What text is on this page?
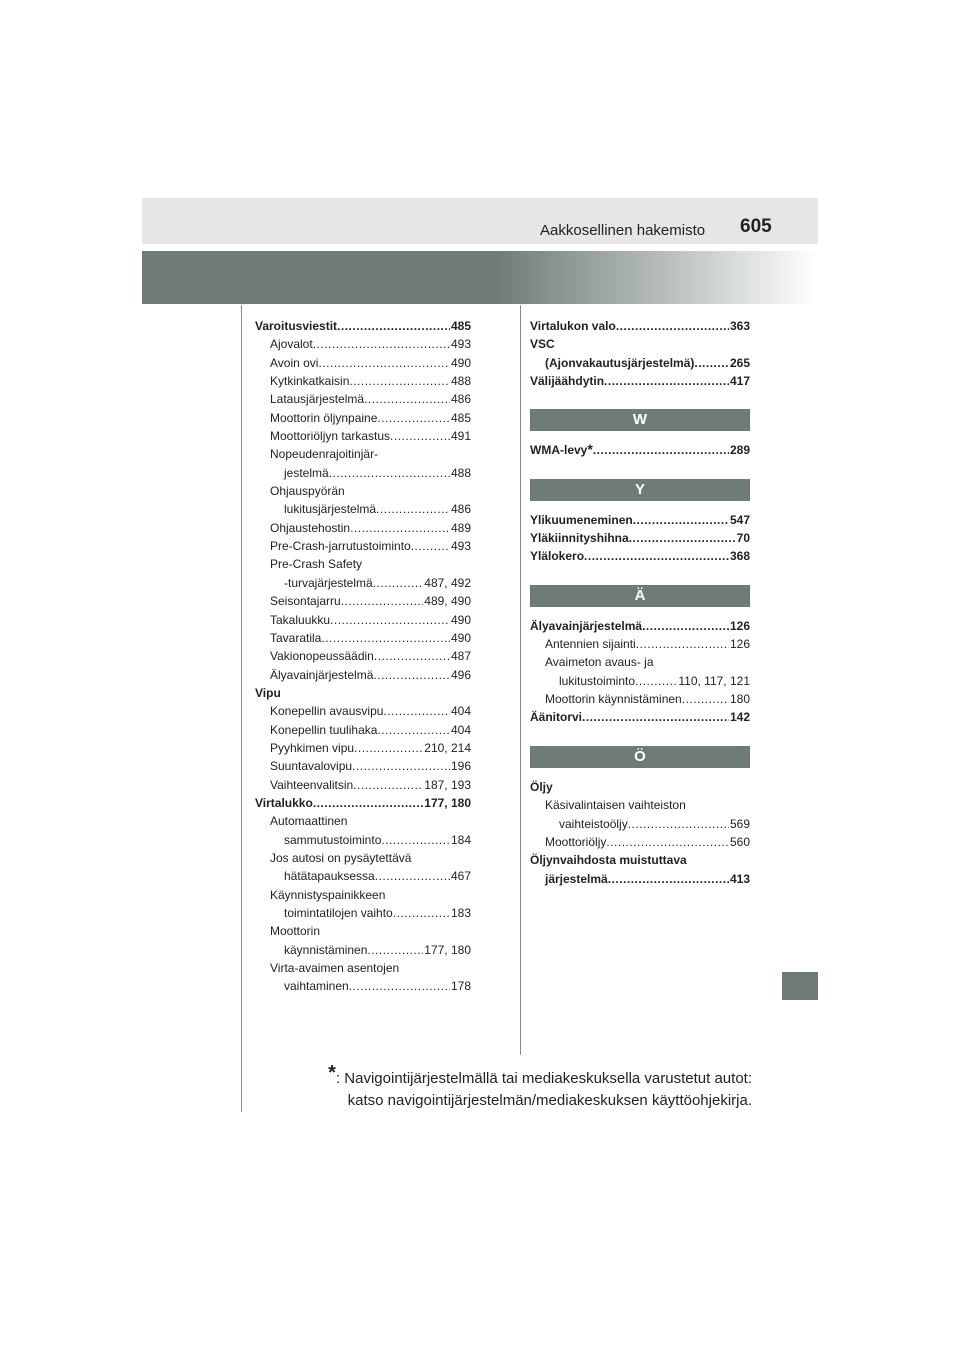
Aakkosellinen hakemisto 605
Varoitusviestit .....	485
Ajovalot .....	493
Avoin ovi .....	490
Kytkinkatkaisin .....	488
Latausjärjestelmä .....	486
Moottorin öljynpaine .....	485
Moottoriöljyn tarkastus .....	491
Nopeudenrajoitinjär-
jestelmä .....	488
Ohjauspyörän
lukitusjärjestelmä .....	486
Ohjaustehostin .....	489
Pre-Crash-jarrutustoiminto .....	493
Pre-Crash Safety
-turvajärjestelmä .....	487, 492
Seisontajarru .....	489, 490
Takaluukku .....	490
Tavaratila .....	490
Vakionopeussäädin .....	487
Älyavainjärjestelmä .....	496
Vipu
Konepellin avausvipu .....	404
Konepellin tuulihaka .....	404
Pyyhkimen vipu .....	210, 214
Suuntavalovipu .....	196
Vaihteenvalitsin .....	187, 193
Virtalukko .....	177, 180
Automaattinen
sammutustoiminto .....	184
Jos autosi on pysäytettävä
hätätapauksessa .....	467
Käynnistyspainikkeen
toimintatilojen vaihto .....	183
Moottorin
käynnistäminen .....	177, 180
Virta-avaimen asentojen
vaihtaminen .....	178
Virtalukon valo .....	363
VSC
(Ajonvakautusjärjestelmä) .....	265
Välijäähdytin .....	417
W
WMA-levy * .....	289
Y
Ylikuumeneminen .....	547
Yläkiinnityshihna .....	70
Ylälokero .....	368
Ä
Älyavainjärjestelmä .....	126
Antennien sijainti .....	126
Avaimeton avaus- ja
lukitustoiminto .....	110, 117, 121
Moottorin käynnistäminen .....	180
Äänitorvi .....	142
Ö
Öljy
Käsivalintaisen vaihteiston
vaihteistoöljy .....	569
Moottoriöljy .....	560
Öljynvaihdosta muistuttava
järjestelmä .....	413
*: Navigointijärjestelmällä tai mediakeskuksella varustetut autot:
katso navigointijärjestelmän/mediakeskuksen käyttöohjekirja.
